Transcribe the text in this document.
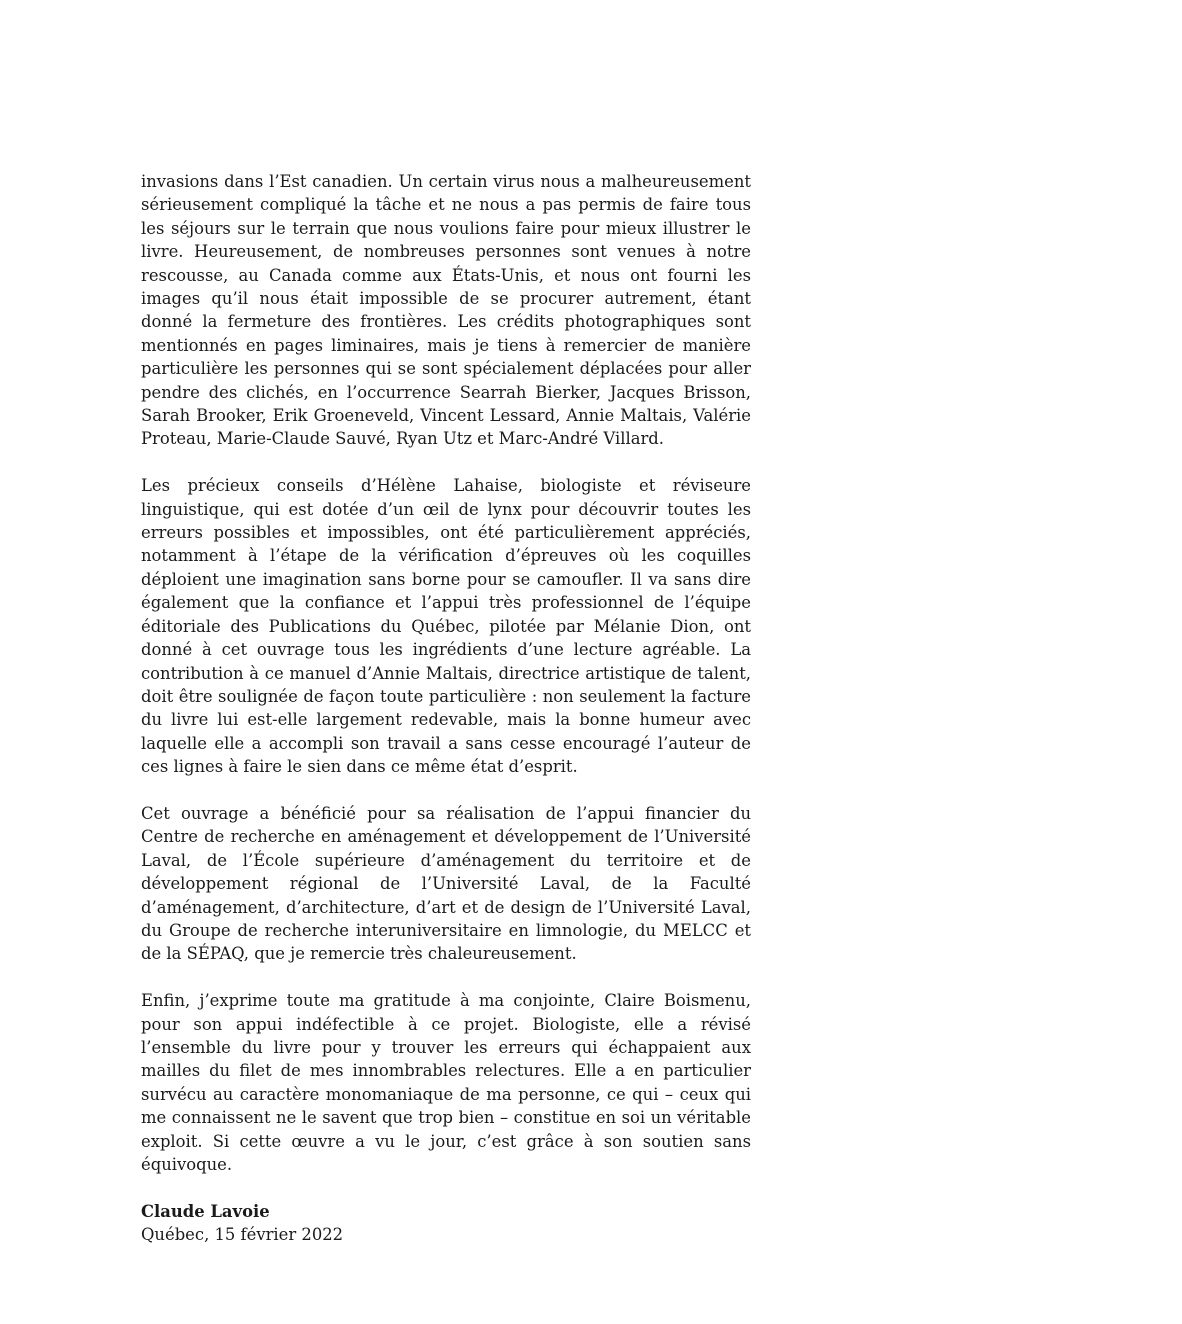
invasions dans l’Est canadien. Un certain virus nous a malheureusement sérieusement compliqué la tâche et ne nous a pas permis de faire tous les séjours sur le terrain que nous voulions faire pour mieux illustrer le livre. Heureusement, de nombreuses personnes sont venues à notre rescousse, au Canada comme aux États-Unis, et nous ont fourni les images qu’il nous était impossible de se procurer autrement, étant donné la fermeture des frontières. Les crédits photographiques sont mentionnés en pages liminaires, mais je tiens à remercier de manière particulière les personnes qui se sont spécialement déplacées pour aller pendre des clichés, en l’occurrence Searrah Bierker, Jacques Brisson, Sarah Brooker, Erik Groeneveld, Vincent Lessard, Annie Maltais, Valérie Proteau, Marie-Claude Sauvé, Ryan Utz et Marc-André Villard.

Les précieux conseils d’Hélène Lahaise, biologiste et réviseure linguistique, qui est dotée d’un œil de lynx pour découvrir toutes les erreurs possibles et impossibles, ont été particulièrement appréciés, notamment à l’étape de la vérification d’épreuves où les coquilles déploient une imagination sans borne pour se camoufler. Il va sans dire également que la confiance et l’appui très professionnel de l’équipe éditoriale des Publications du Québec, pilotée par Mélanie Dion, ont donné à cet ouvrage tous les ingrédients d’une lecture agréable. La contribution à ce manuel d’Annie Maltais, directrice artistique de talent, doit être soulignée de façon toute particulière : non seulement la facture du livre lui est-elle largement redevable, mais la bonne humeur avec laquelle elle a accompli son travail a sans cesse encouragé l’auteur de ces lignes à faire le sien dans ce même état d’esprit.

Cet ouvrage a bénéficié pour sa réalisation de l’appui financier du Centre de recherche en aménagement et développement de l’Université Laval, de l’École supérieure d’aménagement du territoire et de développement régional de l’Université Laval, de la Faculté d’aménagement, d’architecture, d’art et de design de l’Université Laval, du Groupe de recherche interuniversitaire en limnologie, du MELCC et de la SÉPAQ, que je remercie très chaleureusement.

Enfin, j’exprime toute ma gratitude à ma conjointe, Claire Boismenu, pour son appui indéfectible à ce projet. Biologiste, elle a révisé l’ensemble du livre pour y trouver les erreurs qui échappaient aux mailles du filet de mes innombrables relectures. Elle a en particulier survécu au caractère monomaniaque de ma personne, ce qui – ceux qui me connaissent ne le savent que trop bien – constitue en soi un véritable exploit. Si cette œuvre a vu le jour, c’est grâce à son soutien sans équivoque.

Claude Lavoie
Québec, 15 février 2022
